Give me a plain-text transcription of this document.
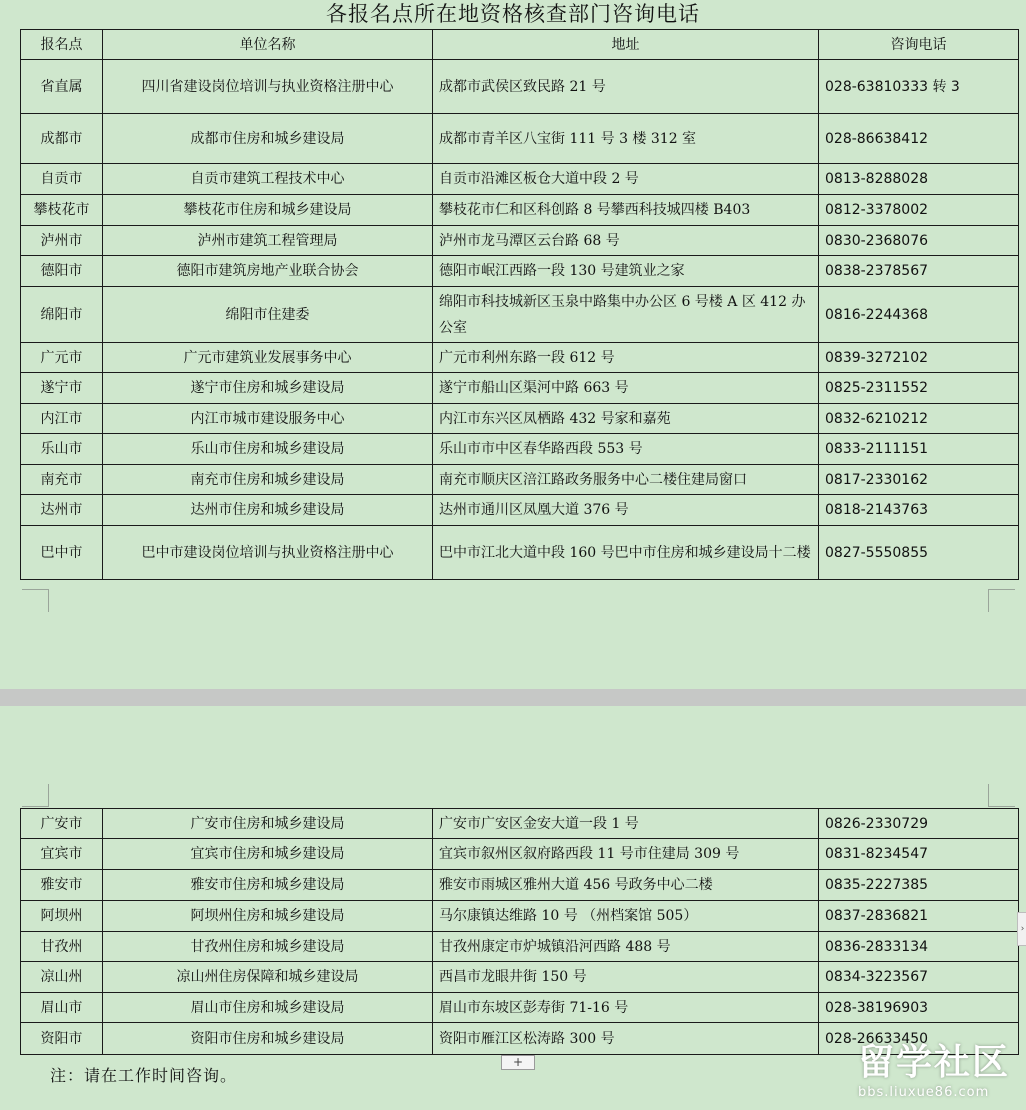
各报名点所在地资格核查部门咨询电话
报名点	单位名称	地址	咨询电话
省直属	四川省建设岗位培训与执业资格注册中心	成都市武侯区致民路 21 号	028-63810333 转 3
成都市	成都市住房和城乡建设局	成都市青羊区八宝街 111 号 3 楼 312 室	028-86638412
自贡市	自贡市建筑工程技术中心	自贡市沿滩区板仓大道中段 2 号	0813-8288028
攀枝花市	攀枝花市住房和城乡建设局	攀枝花市仁和区科创路 8 号攀西科技城四楼 B403	0812-3378002
泸州市	泸州市建筑工程管理局	泸州市龙马潭区云台路 68 号	0830-2368076
德阳市	德阳市建筑房地产业联合协会	德阳市岷江西路一段 130 号建筑业之家	0838-2378567
绵阳市	绵阳市住建委	绵阳市科技城新区玉泉中路集中办公区 6 号楼 A 区 412 办公室	0816-2244368
广元市	广元市建筑业发展事务中心	广元市利州东路一段 612 号	0839-3272102
遂宁市	遂宁市住房和城乡建设局	遂宁市船山区渠河中路 663 号	0825-2311552
内江市	内江市城市建设服务中心	内江市东兴区凤栖路 432 号家和嘉苑	0832-6210212
乐山市	乐山市住房和城乡建设局	乐山市市中区春华路西段 553 号	0833-2111151
南充市	南充市住房和城乡建设局	南充市顺庆区涪江路政务服务中心二楼住建局窗口	0817-2330162
达州市	达州市住房和城乡建设局	达州市通川区凤凰大道 376 号	0818-2143763
巴中市	巴中市建设岗位培训与执业资格注册中心	巴中市江北大道中段 160 号巴中市住房和城乡建设局十二楼	0827-5550855
广安市	广安市住房和城乡建设局	广安市广安区金安大道一段 1 号	0826-2330729
宜宾市	宜宾市住房和城乡建设局	宜宾市叙州区叙府路西段 11 号市住建局 309 号	0831-8234547
雅安市	雅安市住房和城乡建设局	雅安市雨城区雅州大道 456 号政务中心二楼	0835-2227385
阿坝州	阿坝州住房和城乡建设局	马尔康镇达维路 10 号 （州档案馆 505）	0837-2836821
甘孜州	甘孜州住房和城乡建设局	甘孜州康定市炉城镇沿河西路 488 号	0836-2833134
凉山州	凉山州住房保障和城乡建设局	西昌市龙眼井街 150 号	0834-3223567
眉山市	眉山市住房和城乡建设局	眉山市东坡区彭寿街 71-16 号	028-38196903
资阳市	资阳市住房和城乡建设局	资阳市雁江区松涛路 300 号	028-26633450
+
›
注：请在工作时间咨询。	留学社区
bbs.liuxue86.com
